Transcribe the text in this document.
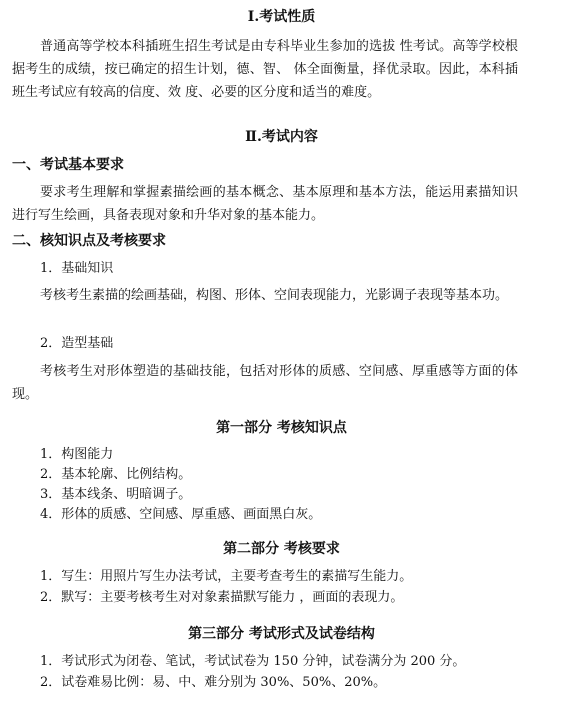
Ⅰ.考试性质

普通高等学校本科插班生招生考试是由专科毕业生参加的选拔 性考试。高等学校根据考生的成绩，按已确定的招生计划，德、智、 体全面衡量，择优录取。因此，本科插班生考试应有较高的信度、效 度、必要的区分度和适当的难度。

Ⅱ.考试内容
一、考试基本要求

要求考生理解和掌握素描绘画的基本概念、基本原理和基本方法，能运用素描知识进行写生绘画，具备表现对象和升华对象的基本能力。

二、核知识点及考核要求
1．基础知识

考核考生素描的绘画基础，构图、形体、空间表现能力，光影调子表现等基本功。

2．造型基础

考核考生对形体塑造的基础技能，包括对形体的质感、空间感、厚重感等方面的体现。

第一部分 考核知识点
1．构图能力
2．基本轮廓、比例结构。
3．基本线条、明暗调子。
4．形体的质感、空间感、厚重感、画面黑白灰。
第二部分 考核要求
1．写生：用照片写生办法考试，主要考查考生的素描写生能力。
2．默写：主要考核考生对对象素描默写能力 ，画面的表现力。
第三部分 考试形式及试卷结构
1．考试形式为闭卷、笔试，考试试卷为 150 分钟，试卷满分为 200 分。
2．试卷难易比例：易、中、难分别为 30%、50%、20%。
